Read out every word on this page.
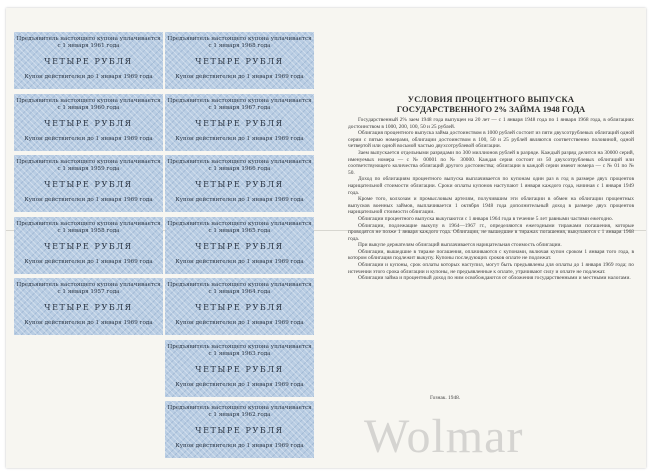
Предъявитель настоящего купона уплачивается
с 1 января 1961 года
ЧЕТЫРЕ РУБЛЯ
Купон действителен до 1 января 1969 года
Предъявитель настоящего купона уплачивается
с 1 января 1960 года
ЧЕТЫРЕ РУБЛЯ
Купон действителен до 1 января 1969 года
Предъявитель настоящего купона уплачивается
с 1 января 1959 года
ЧЕТЫРЕ РУБЛЯ
Купон действителен до 1 января 1969 года
Предъявитель настоящего купона уплачивается
с 1 января 1958 года
ЧЕТЫРЕ РУБЛЯ
Купон действителен до 1 января 1969 года
Предъявитель настоящего купона уплачивается
с 1 января 1957 года
ЧЕТЫРЕ РУБЛЯ
Купон действителен до 1 января 1969 года
Предъявитель настоящего купона уплачивается
с 1 января 1968 года
ЧЕТЫРЕ РУБЛЯ
Купон действителен до 1 января 1969 года
Предъявитель настоящего купона уплачивается
с 1 января 1967 года
ЧЕТЫРЕ РУБЛЯ
Купон действителен до 1 января 1969 года
Предъявитель настоящего купона уплачивается
с 1 января 1966 года
ЧЕТЫРЕ РУБЛЯ
Купон действителен до 1 января 1969 года
Предъявитель настоящего купона уплачивается
с 1 января 1965 года
ЧЕТЫРЕ РУБЛЯ
Купон действителен до 1 января 1969 года
Предъявитель настоящего купона уплачивается
с 1 января 1964 года
ЧЕТЫРЕ РУБЛЯ
Купон действителен до 1 января 1969 года
Предъявитель настоящего купона уплачивается
с 1 января 1963 года
ЧЕТЫРЕ РУБЛЯ
Купон действителен до 1 января 1969 года
Предъявитель настоящего купона уплачивается
с 1 января 1962 года
ЧЕТЫРЕ РУБЛЯ
Купон действителен до 1 января 1969 года
УСЛОВИЯ ПРОЦЕНТНОГО ВЫПУСКА
ГОСУДАРСТВЕННОГО 2% ЗАЙМА 1948 ГОДА

Государственный 2% заем 1948 года выпущен на 20 лет — с 1 января 1948 года по 1 января 1968 года, в облигациях достоинством в 1000, 200, 100, 50 и 25 рублей.

Облигация процентного выпуска займа достоинством в 1000 рублей состоит из пяти двухсотрублевых облигаций одной серии с пятью номерами, облигации достоинством в 100, 50 и 25 рублей являются соответственно половиной, одной четвертой или одной восьмой частью двухсотрублевой облигации.

Заем выпускается отдельными разрядами по 300 миллионов рублей в разряде. Каждый разряд делится на 30000 серий, именуемых номера — с № 00001 по № 30000. Каждая серия состоит из 50 двухсотрублевых облигаций или соответствующего количества облигаций другого достоинства; облигации в каждой серии имеют номера — с № 01 по № 50.

Доход по облигациям процентного выпуска выплачивается по купонам один раз в год в размере двух процентов нарицательной стоимости облигации. Сроки оплаты купонов наступают 1 января каждого года, начиная с 1 января 1949 года.

Кроме того, колхозам и промысловым артелям, получившим эти облигации в обмен на облигации процентных выпусков военных займов, выплачивается 1 октября 1948 года дополнительный доход в размере двух процентов нарицательной стоимости облигации.

Облигации процентного выпуска выкупаются с 1 января 1964 года в течение 5 лет равными частями ежегодно.

Облигации, подлежащие выкупу в 1964—1967 гг., определяются ежегодными тиражами погашения, которые проводятся не позже 1 января каждого года. Облигации, не вышедшие в тиражах погашения, выкупаются с 1 января 1968 года.

При выкупе держателям облигаций выплачивается нарицательная стоимость облигации.

Облигации, вышедшие в тираже погашения, оплачиваются с купонами, включая купон сроком 1 января того года, в котором облигация подлежит выкупу. Купоны последующих сроков оплате не подлежат.

Облигации и купоны, срок оплаты которых наступил, могут быть предъявлены для оплаты до 1 января 1969 года; по истечении этого срока облигации и купоны, не предъявленные к оплате, утрачивают силу и оплате не подлежат.

Облигации займа и процентный доход по ним освобождаются от обложения государственными и местными налогами.

Гознак. 1948.
Wolmar
